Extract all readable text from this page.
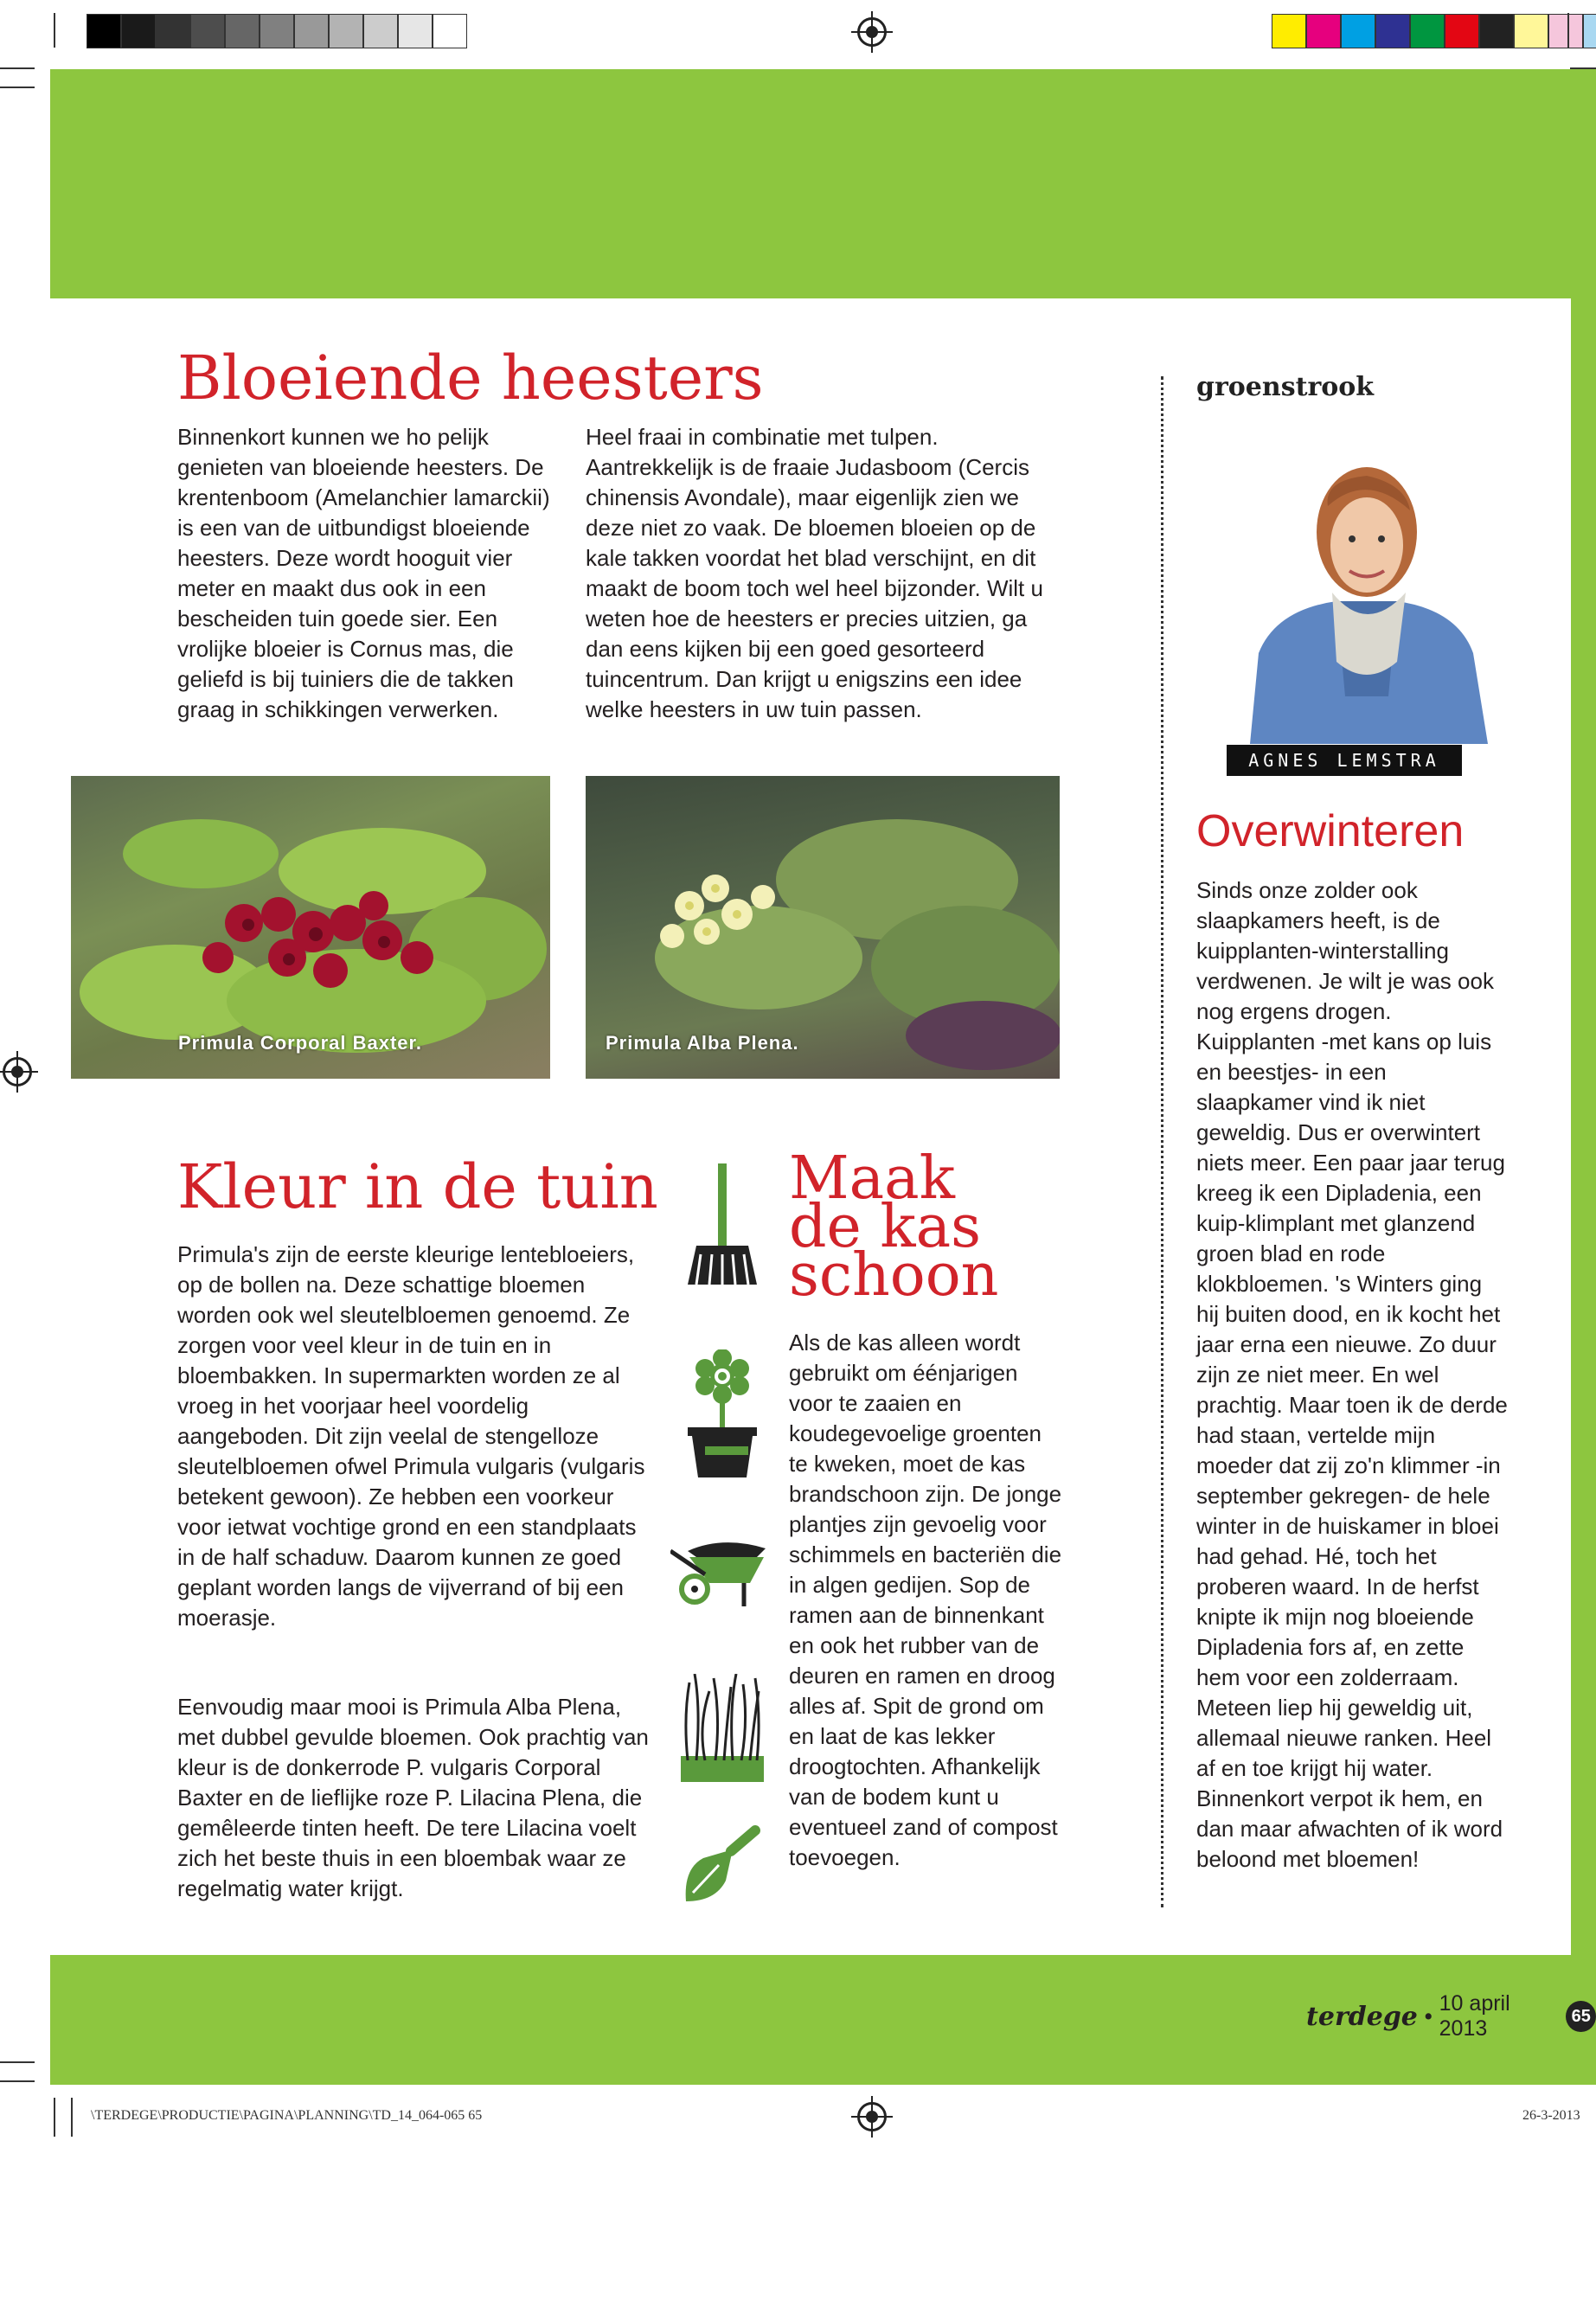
Bloeiende heesters

Binnenkort kunnen we ho pelijk genieten van bloeiende heesters. De krentenboom (Amelanchier lamarckii) is een van de uitbundigst bloeiende heesters. Deze wordt hooguit vier meter en maakt dus ook in een bescheiden tuin goede sier. Een vrolijke bloeier is Cornus mas, die geliefd is bij tuiniers die de takken graag in schikkingen verwerken.

Heel fraai in combinatie met tulpen. Aantrekkelijk is de fraaie Judasboom (Cercis chinensis Avondale), maar eigenlijk zien we deze niet zo vaak. De bloemen bloeien op de kale takken voordat het blad verschijnt, en dit maakt de boom toch wel heel bijzonder. Wilt u weten hoe de heesters er precies uitzien, ga dan eens kijken bij een goed gesorteerd tuincentrum. Dan krijgt u enigszins een idee welke heesters in uw tuin passen.

Primula Corporal Baxter.	Primula Alba Plena.
Kleur in de tuin

Primula's zijn de eerste kleurige lentebloeiers, op de bollen na. Deze schattige bloemen worden ook wel sleutelbloemen genoemd. Ze zorgen voor veel kleur in de tuin en in bloembakken. In supermarkten worden ze al vroeg in het voorjaar heel voordelig aangeboden. Dit zijn veelal de stengelloze sleutelbloemen ofwel Primula vulgaris (vulgaris betekent gewoon). Ze hebben een voorkeur voor ietwat vochtige grond en een standplaats in de half schaduw. Daarom kunnen ze goed geplant worden langs de vijverrand of bij een moerasje.

Eenvoudig maar mooi is Primula Alba Plena, met dubbel gevulde bloemen. Ook prachtig van kleur is de donkerrode P. vulgaris Corporal Baxter en de lieflijke roze P. Lilacina Plena, die gemêleerde tinten heeft. De tere Lilacina voelt zich het beste thuis in een bloembak waar ze regelmatig water krijgt.

Maak
de kas
schoon

Als de kas alleen wordt gebruikt om éénjarigen voor te zaaien en koudegevoelige groenten te kweken, moet de kas brandschoon zijn. De jonge plantjes zijn gevoelig voor schimmels en bacteriën die in algen gedijen. Sop de ramen aan de binnenkant en ook het rubber van de deuren en ramen en droog alles af. Spit de grond om en laat de kas lekker droogtochten. Afhankelijk van de bodem kunt u eventueel zand of compost toevoegen.

groenstrook
AGNES LEMSTRA
Overwinteren

Sinds onze zolder ook slaapkamers heeft, is de kuipplanten-winterstalling verdwenen. Je wilt je was ook nog ergens drogen. Kuipplanten -met kans op luis en beestjes- in een slaapkamer vind ik niet geweldig. Dus er overwintert niets meer. Een paar jaar terug kreeg ik een Dipladenia, een kuip-klimplant met glanzend groen blad en rode klokbloemen. 's Winters ging hij buiten dood, en ik kocht het jaar erna een nieuwe. Zo duur zijn ze niet meer. En wel prachtig. Maar toen ik de derde had staan, vertelde mijn moeder dat zij zo'n klimmer -in september gekregen- de hele winter in de huiskamer in bloei had gehad. Hé, toch het proberen waard. In de herfst knipte ik mijn nog bloeiende Dipladenia fors af, en zette hem voor een zolderraam. Meteen liep hij geweldig uit, allemaal nieuwe ranken. Heel af en toe krijgt hij water. Binnenkort verpot ik hem, en dan maar afwachten of ik word beloond met bloemen!

terdege •
10 april 2013	65
\TERDEGE\PRODUCTIE\PAGINA\PLANNING\TD_14_064-065 65	26-3-2013
